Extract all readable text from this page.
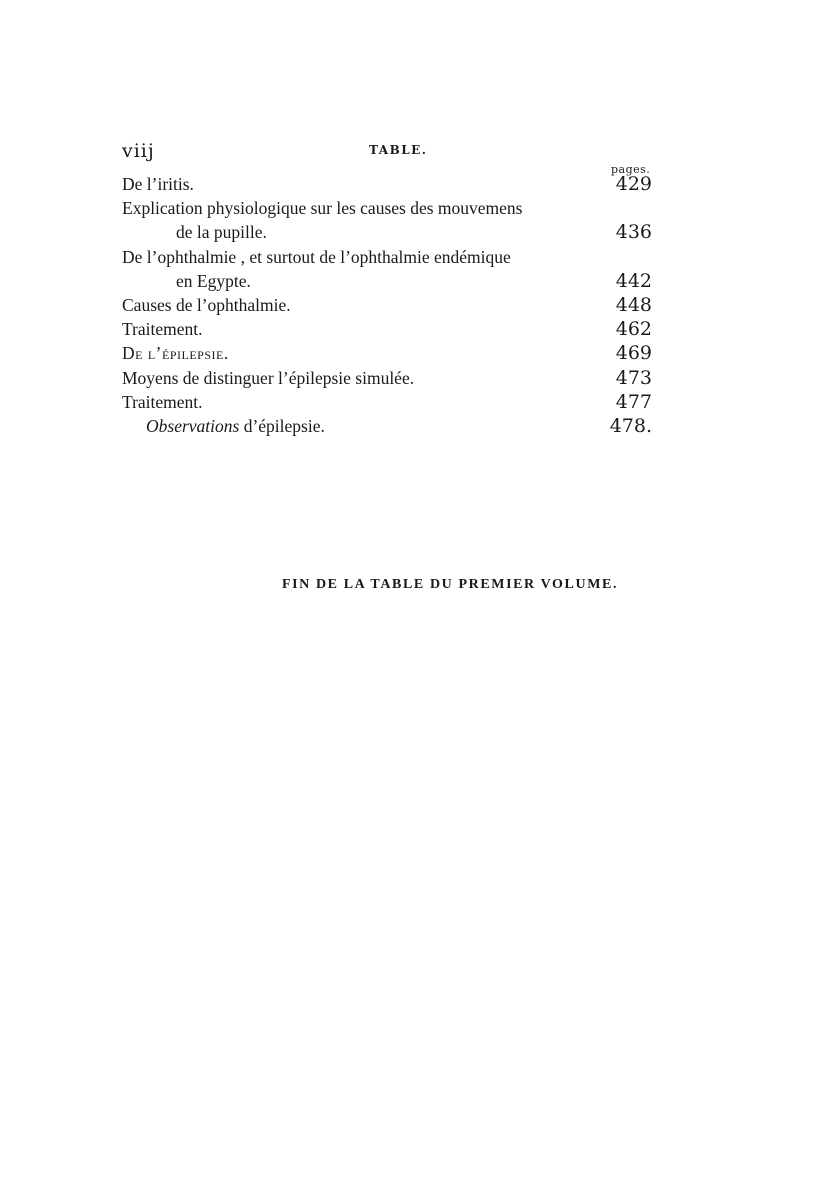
viij	TABLE.
pages.
De l’iritis.	429
Explication physiologique sur les causes des mouvemens
de la pupille.	436
De l’ophthalmie , et surtout de l’ophthalmie endémique
en Egypte.	442
Causes de l’ophthalmie.	448
Traitement.	462
De l’épilepsie.	469
Moyens de distinguer l’épilepsie simulée.	473
Traitement.	477
Observations d’épilepsie.	478.
FIN DE LA TABLE DU PREMIER VOLUME.
